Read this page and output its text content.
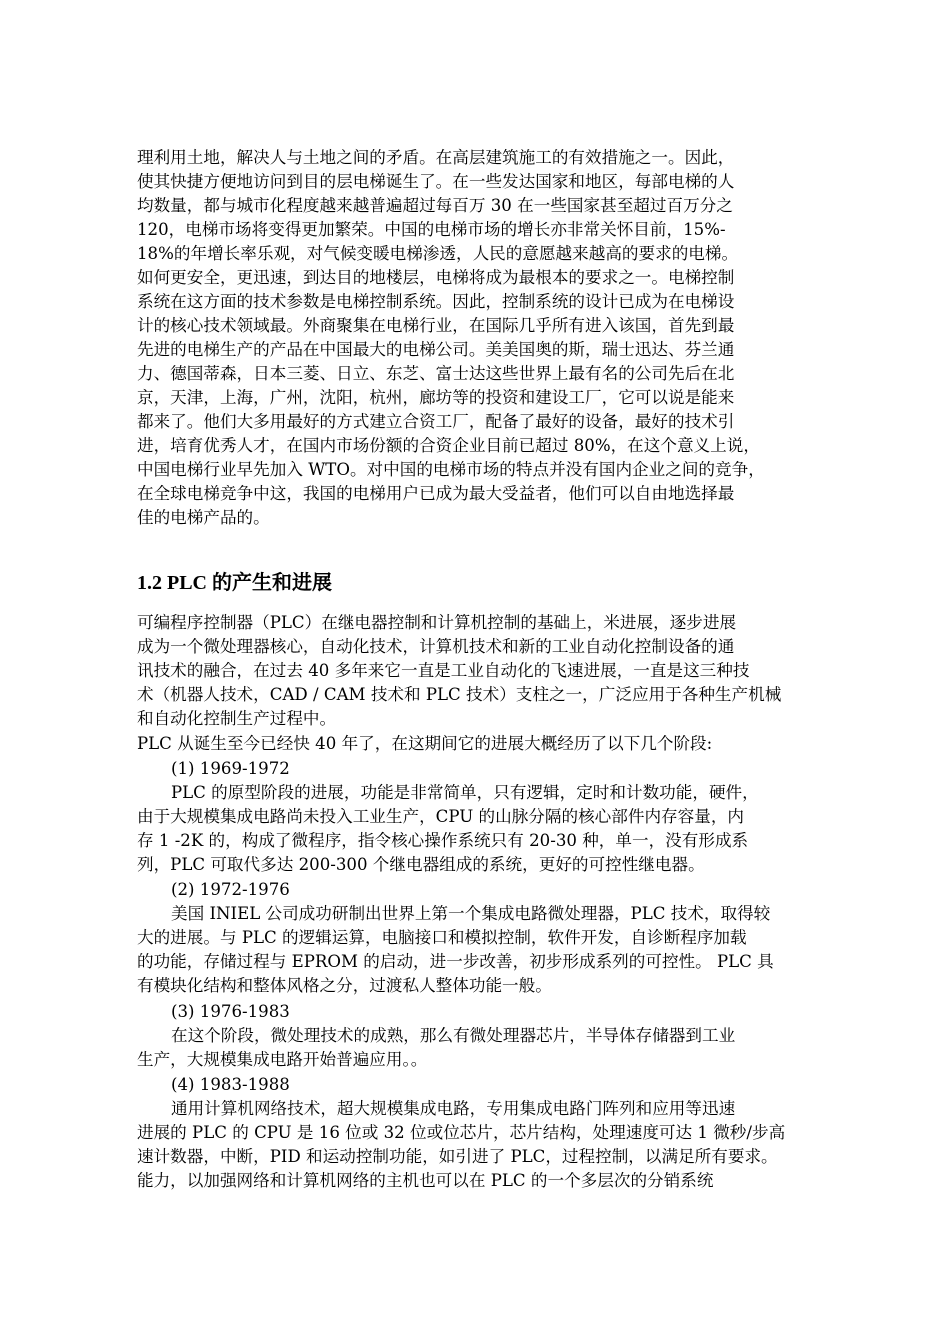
理利用土地，解决人与土地之间的矛盾。在高层建筑施工的有效措施之一。因此，
使其快捷方便地访问到目的层电梯诞生了。在一些发达国家和地区，每部电梯的人
均数量，都与城市化程度越来越普遍超过每百万 30 在一些国家甚至超过百万分之
120，电梯市场将变得更加繁荣。中国的电梯市场的增长亦非常关怀目前，15%-
18%的年增长率乐观，对气候变暖电梯渗透，人民的意愿越来越高的要求的电梯。
如何更安全，更迅速，到达目的地楼层，电梯将成为最根本的要求之一。电梯控制
系统在这方面的技术参数是电梯控制系统。因此，控制系统的设计已成为在电梯设
计的核心技术领域最。外商聚集在电梯行业，在国际几乎所有进入该国，首先到最
先进的电梯生产的产品在中国最大的电梯公司。美美国奥的斯，瑞士迅达、芬兰通
力、德国蒂森，日本三菱、日立、东芝、富士达这些世界上最有名的公司先后在北
京，天津，上海，广州，沈阳，杭州，廊坊等的投资和建设工厂，它可以说是能来
都来了。他们大多用最好的方式建立合资工厂，配备了最好的设备，最好的技术引
进，培育优秀人才，在国内市场份额的合资企业目前已超过 80%，在这个意义上说，
中国电梯行业早先加入 WTO。对中国的电梯市场的特点并没有国内企业之间的竞争，
在全球电梯竞争中这，我国的电梯用户已成为最大受益者，他们可以自由地选择最
佳的电梯产品的。
1.2 PLC 的产生和进展
可编程序控制器（PLC）在继电器控制和计算机控制的基础上，米进展，逐步进展
成为一个微处理器核心，自动化技术，计算机技术和新的工业自动化控制设备的通
讯技术的融合，在过去 40 多年来它一直是工业自动化的飞速进展，一直是这三种技
术（机器人技术，CAD / CAM 技术和 PLC 技术）支柱之一，广泛应用于各种生产机械
和自动化控制生产过程中。
PLC 从诞生至今已经快 40 年了，在这期间它的进展大概经历了以下几个阶段:
(1) 1969-1972
PLC 的原型阶段的进展，功能是非常简单，只有逻辑，定时和计数功能，硬件，
由于大规模集成电路尚未投入工业生产，CPU 的山脉分隔的核心部件内存容量，内
存 1 -2K 的，构成了微程序，指令核心操作系统只有 20-30 种，单一，没有形成系
列，PLC 可取代多达 200-300 个继电器组成的系统，更好的可控性继电器。
(2) 1972-1976
美国 INIEL 公司成功研制出世界上第一个集成电路微处理器，PLC 技术，取得较
大的进展。与 PLC 的逻辑运算，电脑接口和模拟控制，软件开发，自诊断程序加载
的功能，存储过程与 EPROM 的启动，进一步改善，初步形成系列的可控性。 PLC 具
有模块化结构和整体风格之分，过渡私人整体功能一般。
(3) 1976-1983
在这个阶段，微处理技术的成熟，那么有微处理器芯片，半导体存储器到工业
生产，大规模集成电路开始普遍应用。。
(4) 1983-1988
通用计算机网络技术，超大规模集成电路，专用集成电路门阵列和应用等迅速
进展的 PLC 的 CPU 是 16 位或 32 位或位芯片，芯片结构，处理速度可达 1 微秒/步高
速计数器，中断，PID 和运动控制功能，如引进了 PLC，过程控制，以满足所有要求。
能力，以加强网络和计算机网络的主机也可以在 PLC 的一个多层次的分销系统
